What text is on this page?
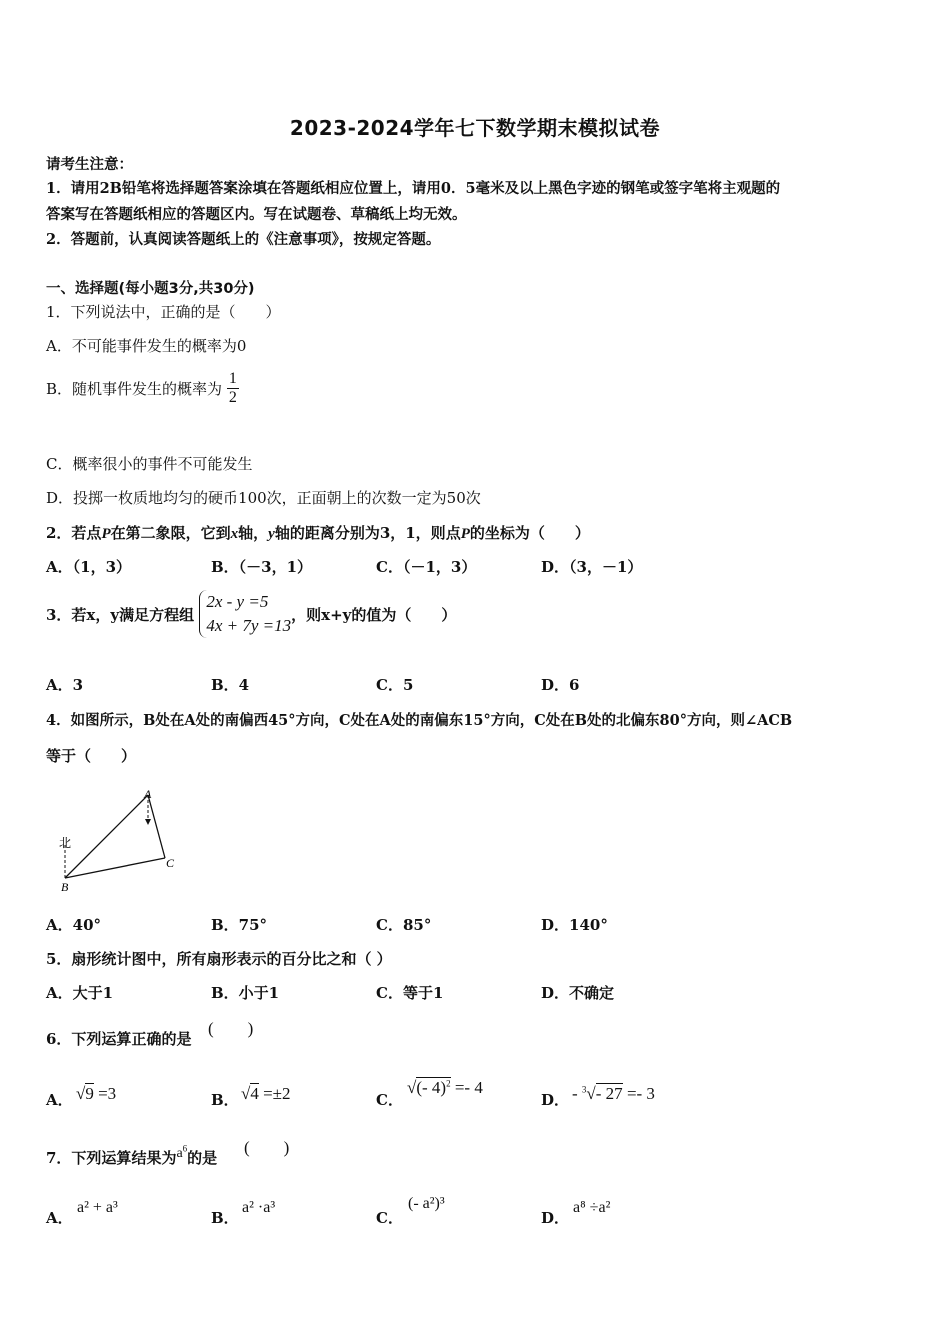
2023-2024学年七下数学期末模拟试卷
请考生注意：
1．请用2B铅笔将选择题答案涂填在答题纸相应位置上，请用0．5毫米及以上黑色字迹的钢笔或签字笔将主观题的
答案写在答题纸相应的答题区内。写在试题卷、草稿纸上均无效。
2．答题前，认真阅读答题纸上的《注意事项》，按规定答题。
一、选择题(每小题3分,共30分)
1．下列说法中，正确的是（　　）
A．不可能事件发生的概率为0
B．随机事件发生的概率为 $\frac{1}{2}$
C．概率很小的事件不可能发生
D．投掷一枚质地均匀的硬币100次，正面朝上的次数一定为50次
2．若点P在第二象限，它到x轴，y轴的距离分别为3，1，则点P的坐标为（　　）
A．（1，3）	B．（－3，1）	C．（－1，3）	D．（3，－1）
3．若x，y满足方程组
2x - y =5
4x + 7y =13
，则x+y的值为（　　）
A．3	B．4	C．5	D．6
4．如图所示，B处在A处的南偏西45°方向，C处在A处的南偏东15°方向，C处在B处的北偏东80°方向，则∠ACB
等于（　　）
北
A
B
C
A．40°	B．75°	C．85°	D．140°
5．扇形统计图中，所有扇形表示的百分比之和（ ）
A．大于1	B．小于1	C．等于1	D．不确定
6．下列运算正确的是
(　　)
A． √9 =3	B． √4 =±2	C．
√(- 4)$^2$ =- 4
D． - $^3$√- 27 =- 3
7．下列运算结果为$a^6$的是
(　　)
A．
a² + a³
B．
a² ·a³
C．
(- a²)³
D．
a⁸ ÷a²
